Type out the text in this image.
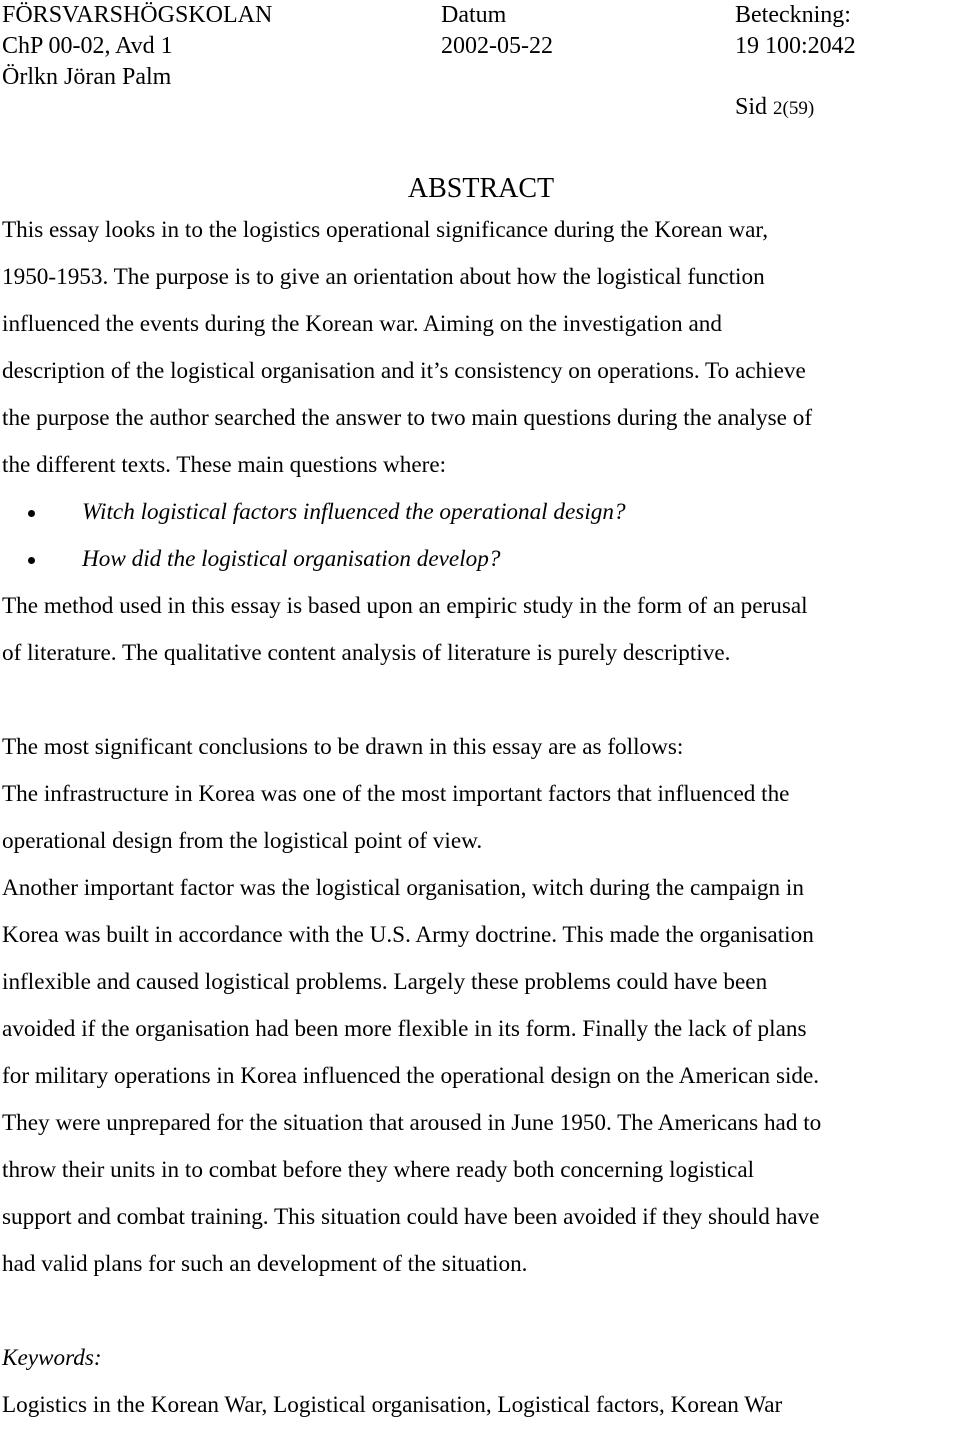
FÖRSVARSHÖGSKOLAN
ChP 00-02, Avd 1
Örlkn Jöran Palm
Datum
2002-05-22
Beteckning:
19 100:2042
Sid 2(59)
ABSTRACT
This essay looks in to the logistics operational significance during the Korean war,
1950-1953. The purpose is to give an orientation about how the logistical function
influenced the events during the Korean war. Aiming on the investigation and
description of the logistical organisation and it’s consistency on operations. To achieve
the purpose the author searched the answer to two main questions during the analyse of
the different texts. These main questions where:
Witch logistical factors influenced the operational design?
How did the logistical organisation develop?
The method used in this essay is based upon an empiric study in the form of an perusal
of literature. The qualitative content analysis of literature is purely descriptive.
The most significant conclusions to be drawn in this essay are as follows:
The infrastructure in Korea was one of the most important factors that influenced the
operational design from the logistical point of view.
Another important factor was the logistical organisation, witch during the campaign in
Korea was built in accordance with the U.S. Army doctrine. This made the organisation
inflexible and caused logistical problems. Largely these problems could have been
avoided if the organisation had been more flexible in its form. Finally the lack of plans
for military operations in Korea influenced the operational design on the American side.
They were unprepared for the situation that aroused in June 1950. The Americans had to
throw their units in to combat before they where ready both concerning logistical
support and combat training. This situation could have been avoided if they should have
had valid plans for such an development of the situation.
Keywords:
Logistics in the Korean War, Logistical organisation, Logistical factors, Korean War
